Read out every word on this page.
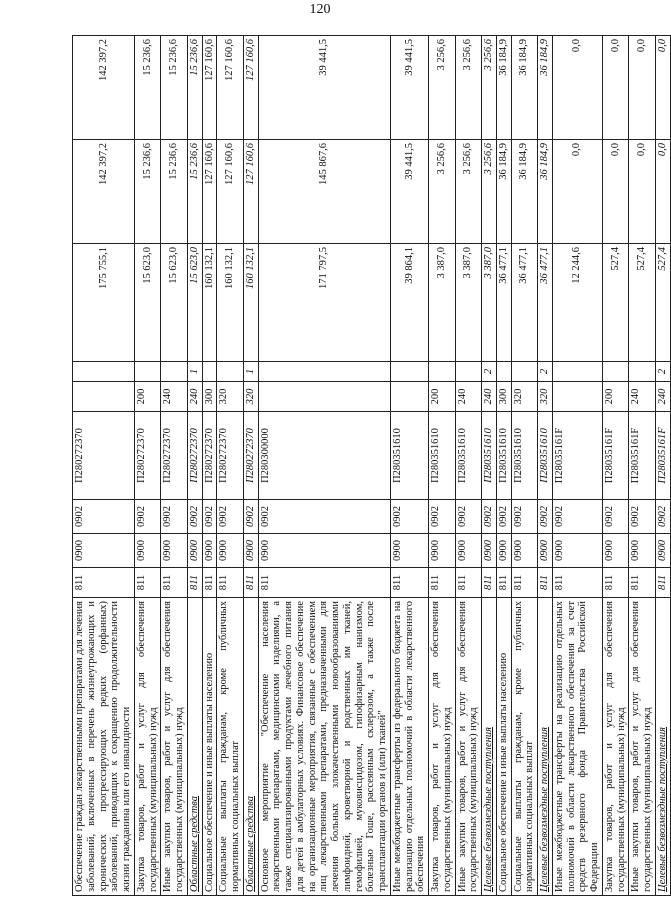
120
Обеспечение граждан лекарственными препаратами для лечения заболеваний, включенных в перечень жизнеугрожающих и хронических прогрессирующих редких (орфанных) заболеваний, приводящих к сокращению продолжительности жизни гражданина или его инвалидности	811	0900	0902	П280272370			175 755,1	142 397,2	142 397,2
Закупка товаров, работ и услуг для обеспечения государственных (муниципальных) нужд	811	0900	0902	П280272370	200		15 623,0	15 236,6	15 236,6
Иные закупки товаров, работ и услуг для обеспечения государственных (муниципальных) нужд	811	0900	0902	П280272370	240		15 623,0	15 236,6	15 236,6
Областные средства	811	0900	0902	П280272370	240	1	15 623,0	15 236,6	15 236,6
Социальное обеспечение и иные выплаты населению	811	0900	0902	П280272370	300		160 132,1	127 160,6	127 160,6
Социальные выплаты гражданам, кроме публичных нормативных социальных выплат	811	0900	0902	П280272370	320		160 132,1	127 160,6	127 160,6
Областные средства	811	0900	0902	П280272370	320	1	160 132,1	127 160,6	127 160,6
Основное мероприятие "Обеспечение населения лекарственными препаратами, медицинскими изделиями, а также специализированными продуктами лечебного питания для детей в амбулаторных условиях. Финансовое обеспечение на организационные мероприятия, связанные с обеспечением лиц лекарственными препаратами, предназначенными для лечения больных злокачественными новообразованиями лимфоидной, кроветворной и родственных им тканей, гемофилией, муковисцидозом, гипофизарным нанизмом, болезнью Гоше, рассеянным склерозом, а также после трансплантации органов и (или) тканей"	811	0900	0902	П280300000			171 797,5	145 867,6	39 441,5
Иные межбюджетные трансферты из федерального бюджета на реализацию отдельных полномочий в области лекарственного обеспечения	811	0900	0902	П280351610			39 864,1	39 441,5	39 441,5
Закупка товаров, работ и услуг для обеспечения государственных (муниципальных) нужд	811	0900	0902	П280351610	200		3 387,0	3 256,6	3 256,6
Иные закупки товаров, работ и услуг для обеспечения государственных (муниципальных) нужд	811	0900	0902	П280351610	240		3 387,0	3 256,6	3 256,6
Целевые безвозмездные поступления	811	0900	0902	П280351610	240	2	3 387,0	3 256,6	3 256,6
Социальное обеспечение и иные выплаты населению	811	0900	0902	П280351610	300		36 477,1	36 184,9	36 184,9
Социальные выплаты гражданам, кроме публичных нормативных социальных выплат	811	0900	0902	П280351610	320		36 477,1	36 184,9	36 184,9
Целевые безвозмездные поступления	811	0900	0902	П280351610	320	2	36 477,1	36 184,9	36 184,9
Иные межбюджетные трансферты на реализацию отдельных полномочий в области лекарственного обеспечения за счет средств резервного фонда Правительства Российской Федерации	811	0900	0902	П28035161F			12 244,6	0,0	0,0
Закупка товаров, работ и услуг для обеспечения государственных (муниципальных) нужд	811	0900	0902	П28035161F	200		527,4	0,0	0,0
Иные закупки товаров, работ и услуг для обеспечения государственных (муниципальных) нужд	811	0900	0902	П28035161F	240		527,4	0,0	0,0
Целевые безвозмездные поступления	811	0900	0902	П28035161F	240	2	527,4	0,0	0,0
